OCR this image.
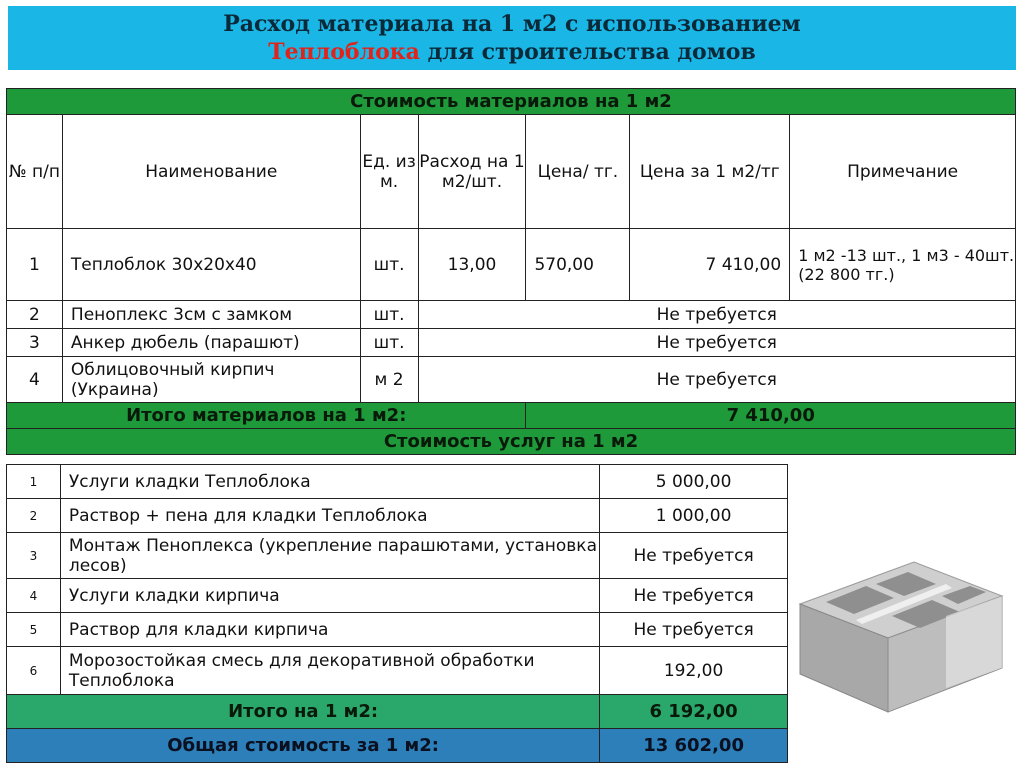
Расход материала на 1 м2 с использованием
Теплоблока для строительства домов
Стоимость материалов на 1 м2						
№ п/п	Наименование	Ед. из м.	Расход на 1 м2/шт.	Цена/ тг.	Цена за 1 м2/тг	Примечание
1	Теплоблок 30х20х40	шт.	13,00	570,00	7 410,00	1 м2 -13 шт., 1 м3 - 40шт. (22 800 тг.)
2	Пеноплекс 3см с замком	шт.	Не требуется			
3	Анкер дюбель (парашют)	шт.	Не требуется			
4	Облицовочный кирпич (Украина)	м 2	Не требуется			
Итого материалов на 1 м2:				7 410,00		
Стоимость услуг на 1 м2						
1	Услуги кладки Теплоблока	5 000,00
2	Раствор + пена для кладки Теплоблока	1 000,00
3	Монтаж Пеноплекса (укрепление парашютами, установка лесов)	Не требуется
4	Услуги кладки кирпича	Не требуется
5	Раствор для кладки кирпича	Не требуется
6	Морозостойкая смесь для декоративной обработки Теплоблока	192,00
Итого на 1 м2:		6 192,00
Общая стоимость за 1 м2:		13 602,00
